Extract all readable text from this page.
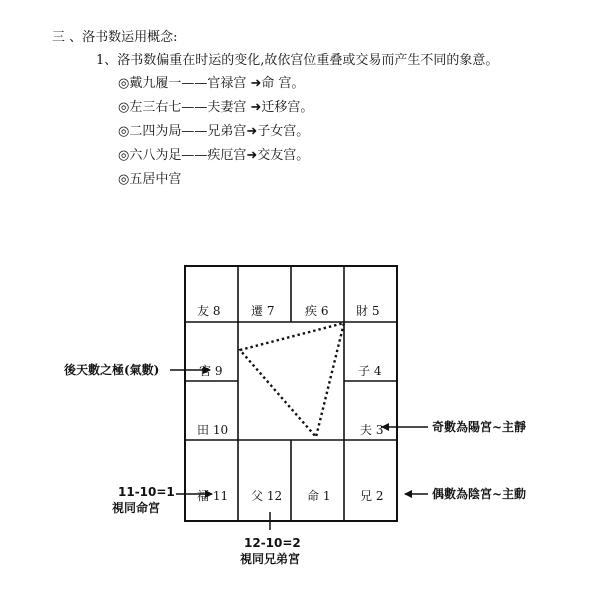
三 、洛书数运用概念:
1、洛书数偏重在时运的变化,故依宫位重叠或交易而产生不同的象意。
◎戴九履一——官禄宫 ➜命 宫。
◎左三右七——夫妻宫 ➜迁移宫。
◎二四为局——兄弟宫➜子女宫。
◎六八为足——疾厄宫➜交友宫。
◎五居中宫
友 8	遷 7	疾 6 財 5
官 9	子 4
田 10	夫 3
福 11 父 12 命 1 兄 2
後天數之極(氣數)
奇數為陽宮~主靜
偶數為陰宮~主動
11-10=1
視同命宮
12-10=2
視同兄弟宮
